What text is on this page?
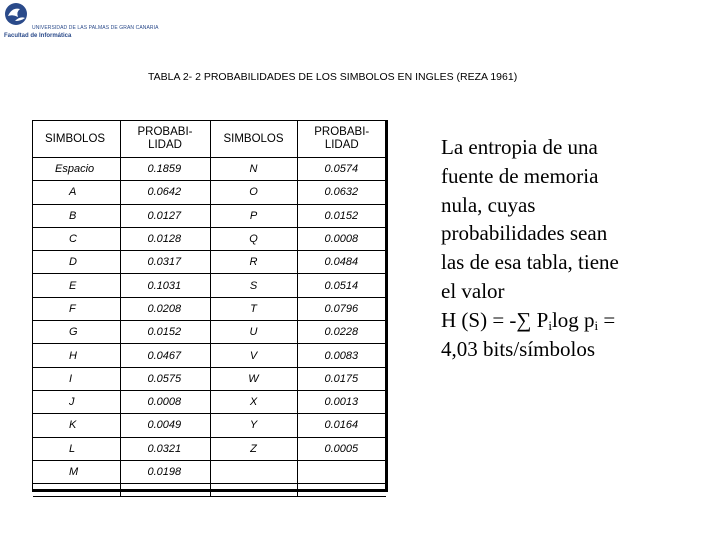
UNIVERSIDAD DE LAS PALMAS DE GRAN CANARIA
Facultad de Informática
TABLA 2- 2 PROBABILIDADES DE LOS SIMBOLOS EN INGLES (REZA 1961)
SIMBOLOS	PROBABI- LIDAD	SIMBOLOS	PROBABI- LIDAD
Espacio	0.1859	N	0.0574
A	0.0642	O	0.0632
B	0.0127	P	0.0152
C	0.0128	Q	0.0008
D	0.0317	R	0.0484
E	0.1031	S	0.0514
F	0.0208	T	0.0796
G	0.0152	U	0.0228
H	0.0467	V	0.0083
I	0.0575	W	0.0175
J	0.0008	X	0.0013
K	0.0049	Y	0.0164
L	0.0321	Z	0.0005
M	0.0198		

La entropia de una

fuente de memoria

nula, cuyas

probabilidades sean

las de esa tabla, tiene

el valor

H (S) = -∑ $P_i\log$ $p_i$ =

4,03 bits/símbolos
